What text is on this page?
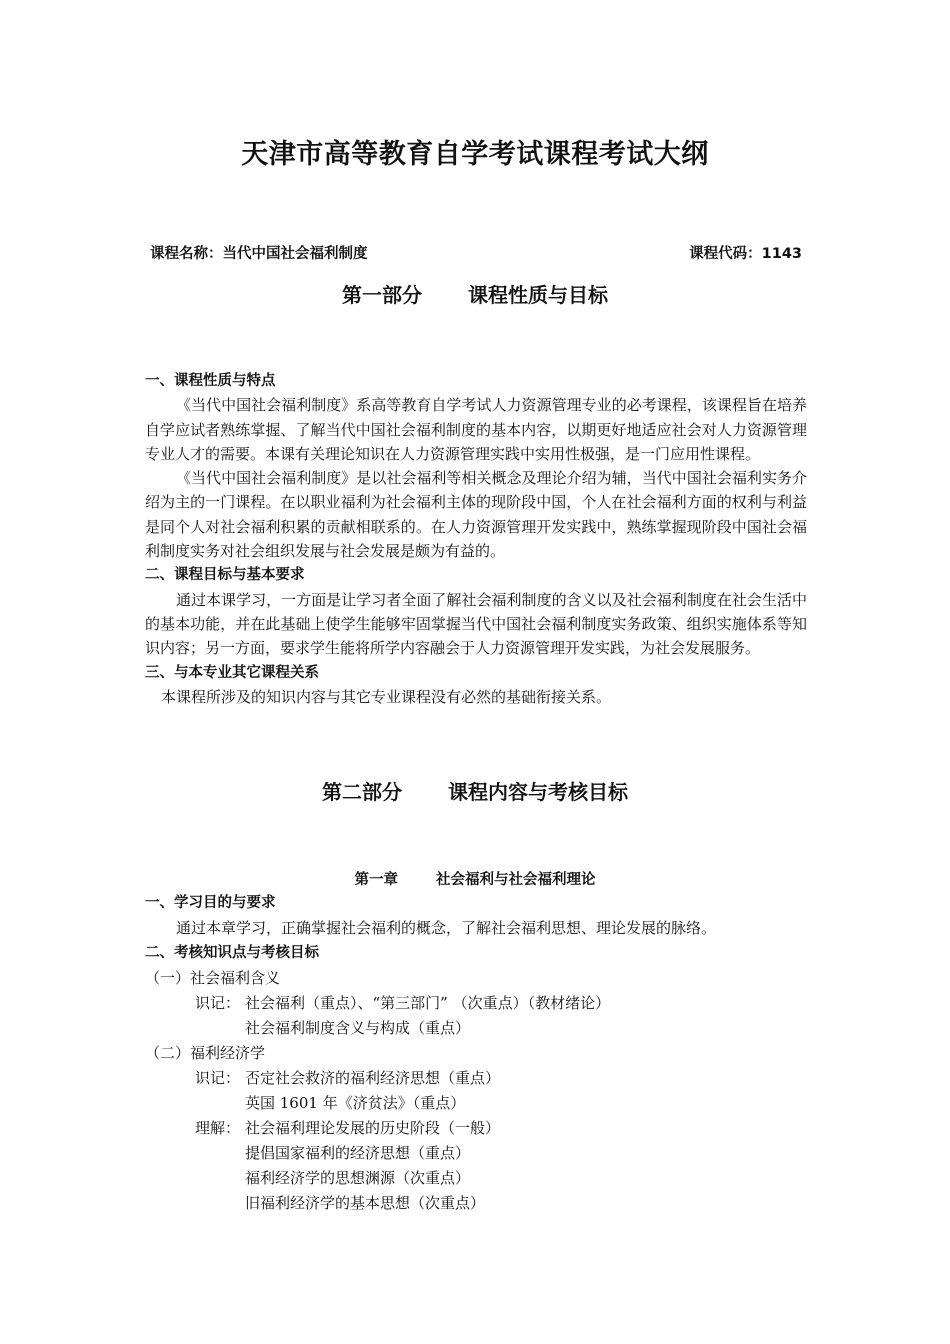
天津市高等教育自学考试课程考试大纲
课程名称：当代中国社会福利制度	课程代码：1143
第一部分 课程性质与目标
一、课程性质与特点

《当代中国社会福利制度》系高等教育自学考试人力资源管理专业的必考课程，该课程旨在培养自学应试者熟练掌握、了解当代中国社会福利制度的基本内容，以期更好地适应社会对人力资源管理专业人才的需要。本课有关理论知识在人力资源管理实践中实用性极强，是一门应用性课程。

《当代中国社会福利制度》是以社会福利等相关概念及理论介绍为辅，当代中国社会福利实务介绍为主的一门课程。在以职业福利为社会福利主体的现阶段中国，个人在社会福利方面的权利与利益是同个人对社会福利积累的贡献相联系的。在人力资源管理开发实践中，熟练掌握现阶段中国社会福利制度实务对社会组织发展与社会发展是颇为有益的。

二、课程目标与基本要求

通过本课学习，一方面是让学习者全面了解社会福利制度的含义以及社会福利制度在社会生活中的基本功能，并在此基础上使学生能够牢固掌握当代中国社会福利制度实务政策、组织实施体系等知识内容；另一方面，要求学生能将所学内容融会于人力资源管理开发实践，为社会发展服务。

三、与本专业其它课程关系

本课程所涉及的知识内容与其它专业课程没有必然的基础衔接关系。

第二部分 课程内容与考核目标
第一章	社会福利与社会福利理论
一、学习目的与要求

通过本章学习，正确掌握社会福利的概念，了解社会福利思想、理论发展的脉络。

二、考核知识点与考核目标
（一）社会福利含义
识记： 社会福利（重点）、“第三部门” （次重点）（教材绪论）
社会福利制度含义与构成（重点）
（二）福利经济学
识记： 否定社会救济的福利经济思想（重点）
英国 1601 年《济贫法》（重点）
理解： 社会福利理论发展的历史阶段（一般）
提倡国家福利的经济思想（重点）
福利经济学的思想渊源（次重点）
旧福利经济学的基本思想（次重点）
